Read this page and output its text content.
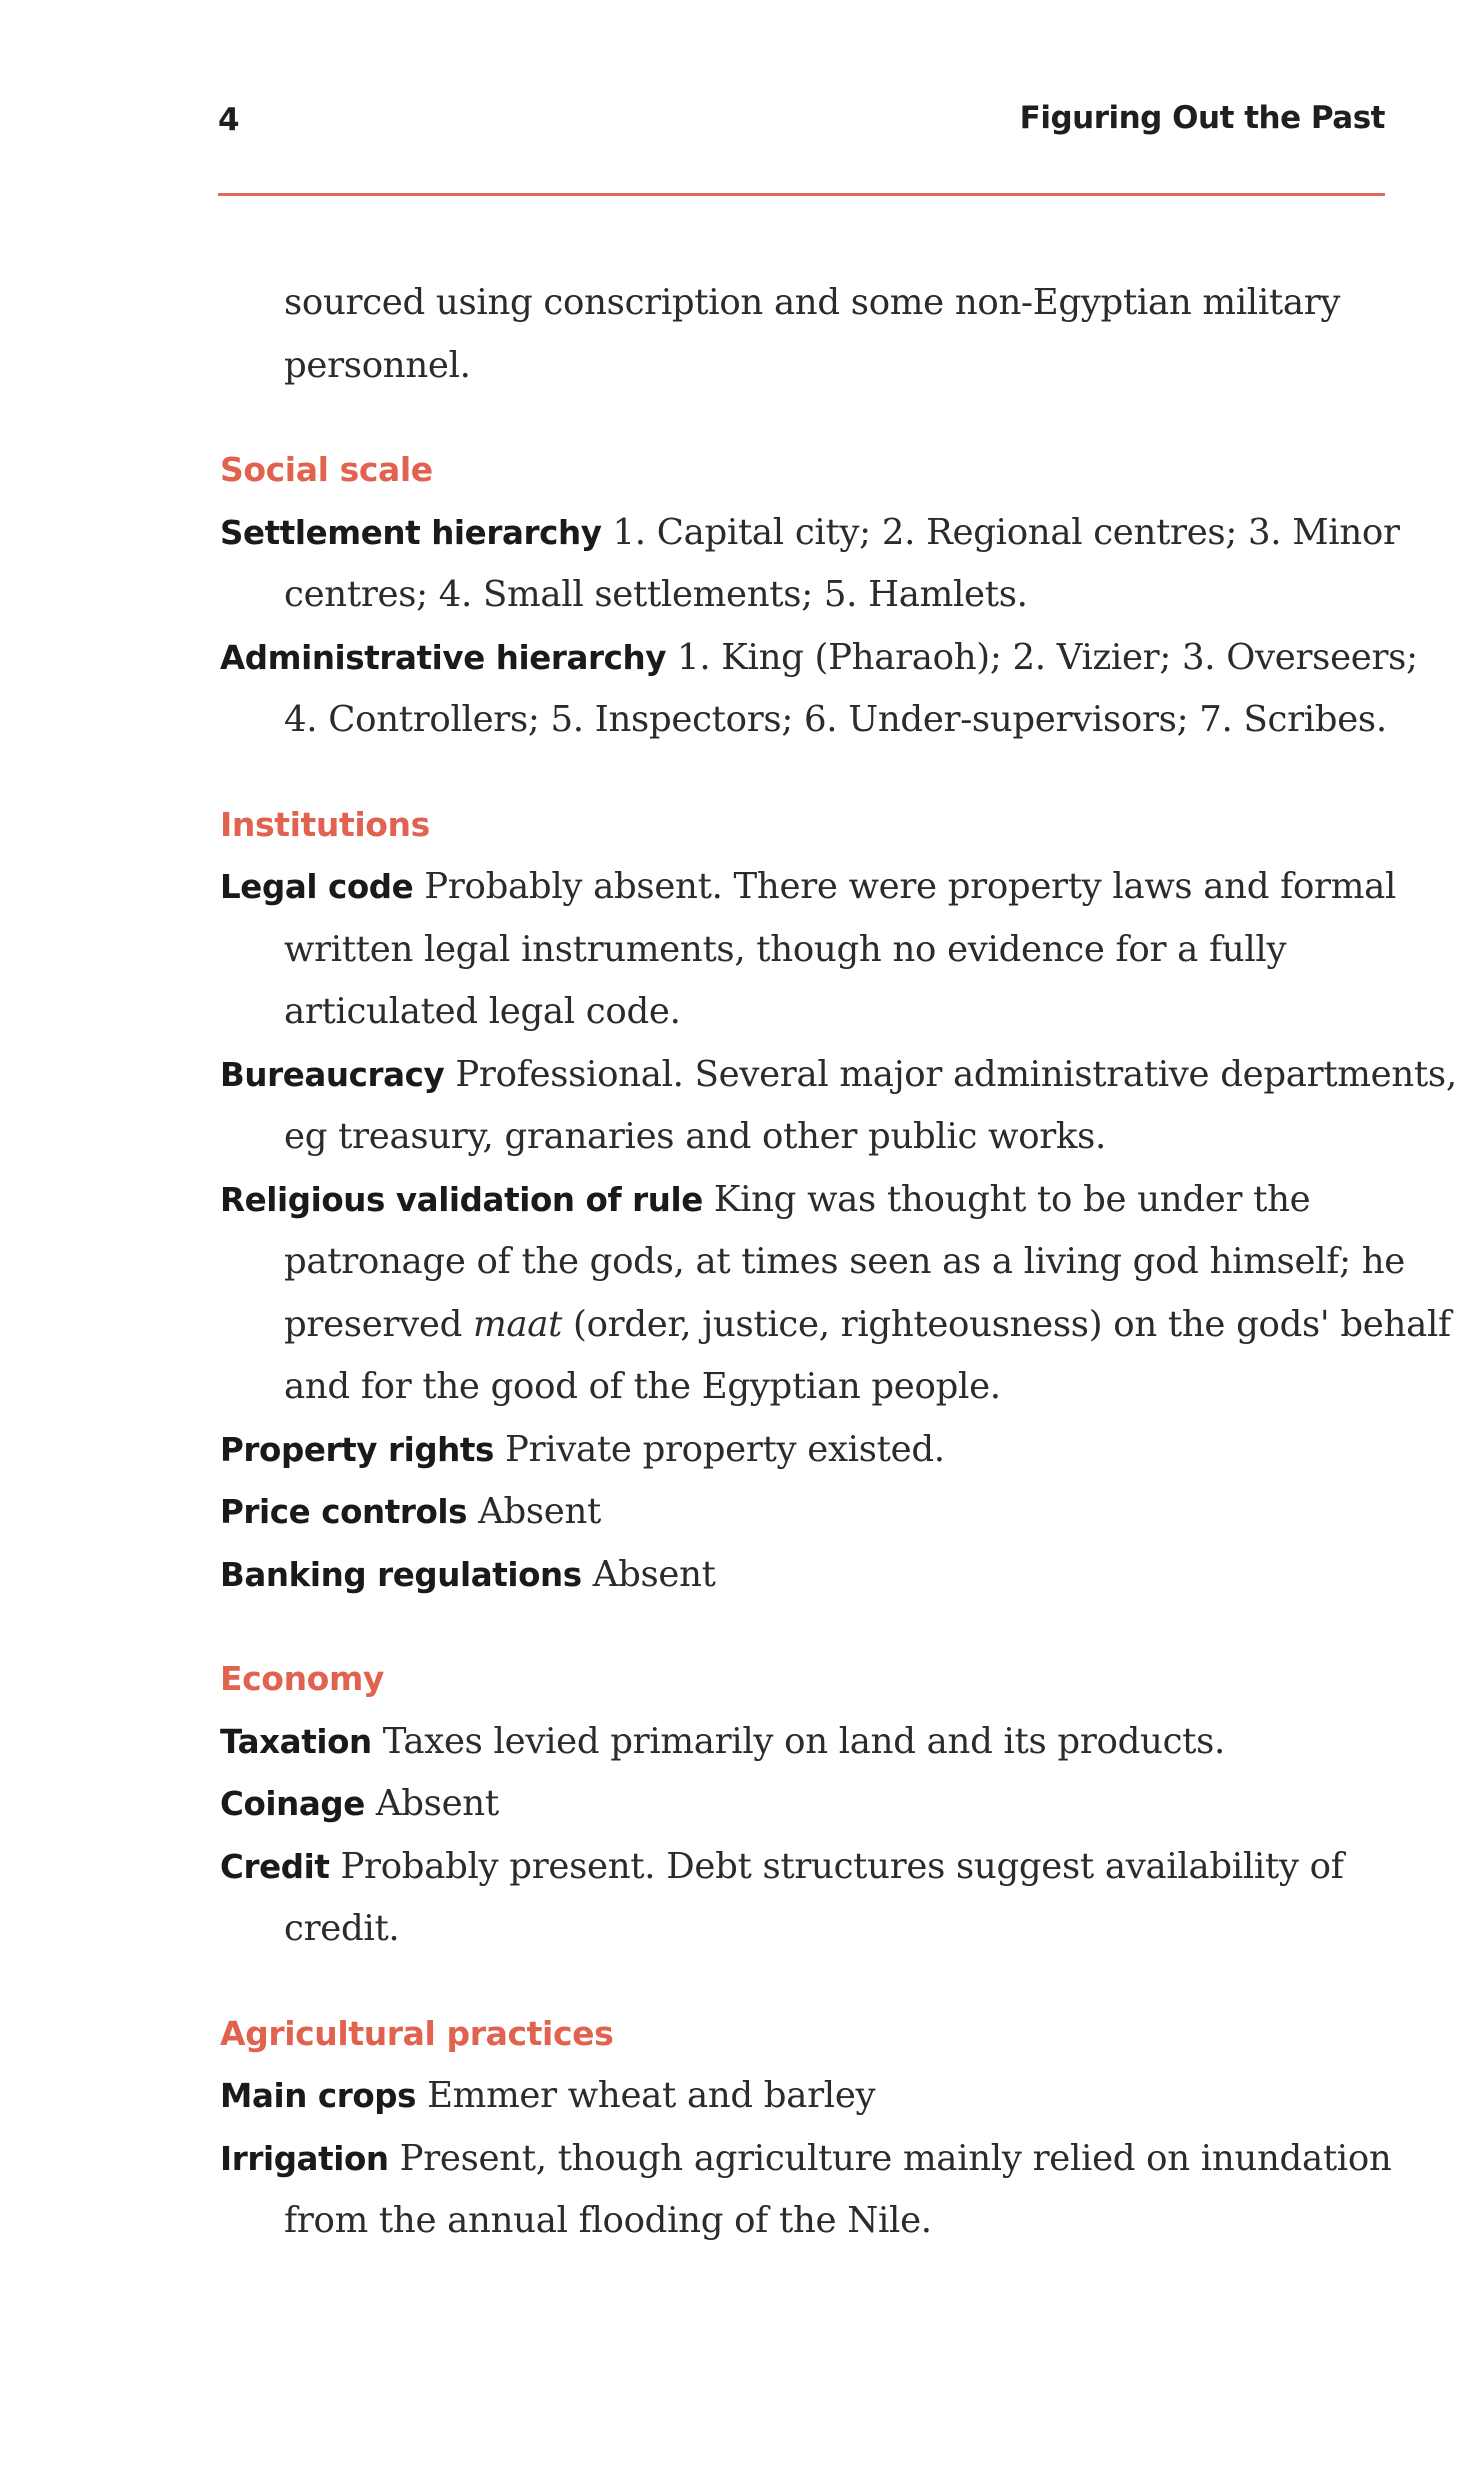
4	Figuring Out the Past

sourced using conscription and some non-Egyptian military

personnel.

Social scale

Settlement hierarchy 1. Capital city; 2. Regional centres; 3. Minor

centres; 4. Small settlements; 5. Hamlets.

Administrative hierarchy 1. King (Pharaoh); 2. Vizier; 3. Overseers;

4. Controllers; 5. Inspectors; 6. Under-supervisors; 7. Scribes.

Institutions

Legal code Probably absent. There were property laws and formal

written legal instruments, though no evidence for a fully

articulated legal code.

Bureaucracy Professional. Several major administrative departments,

eg treasury, granaries and other public works.

Religious validation of rule King was thought to be under the

patronage of the gods, at times seen as a living god himself; he

preserved maat (order, justice, righteousness) on the gods' behalf

and for the good of the Egyptian people.

Property rights Private property existed.

Price controls Absent

Banking regulations Absent

Economy

Taxation Taxes levied primarily on land and its products.

Coinage Absent

Credit Probably present. Debt structures suggest availability of

credit.

Agricultural practices

Main crops Emmer wheat and barley

Irrigation Present, though agriculture mainly relied on inundation

from the annual flooding of the Nile.
